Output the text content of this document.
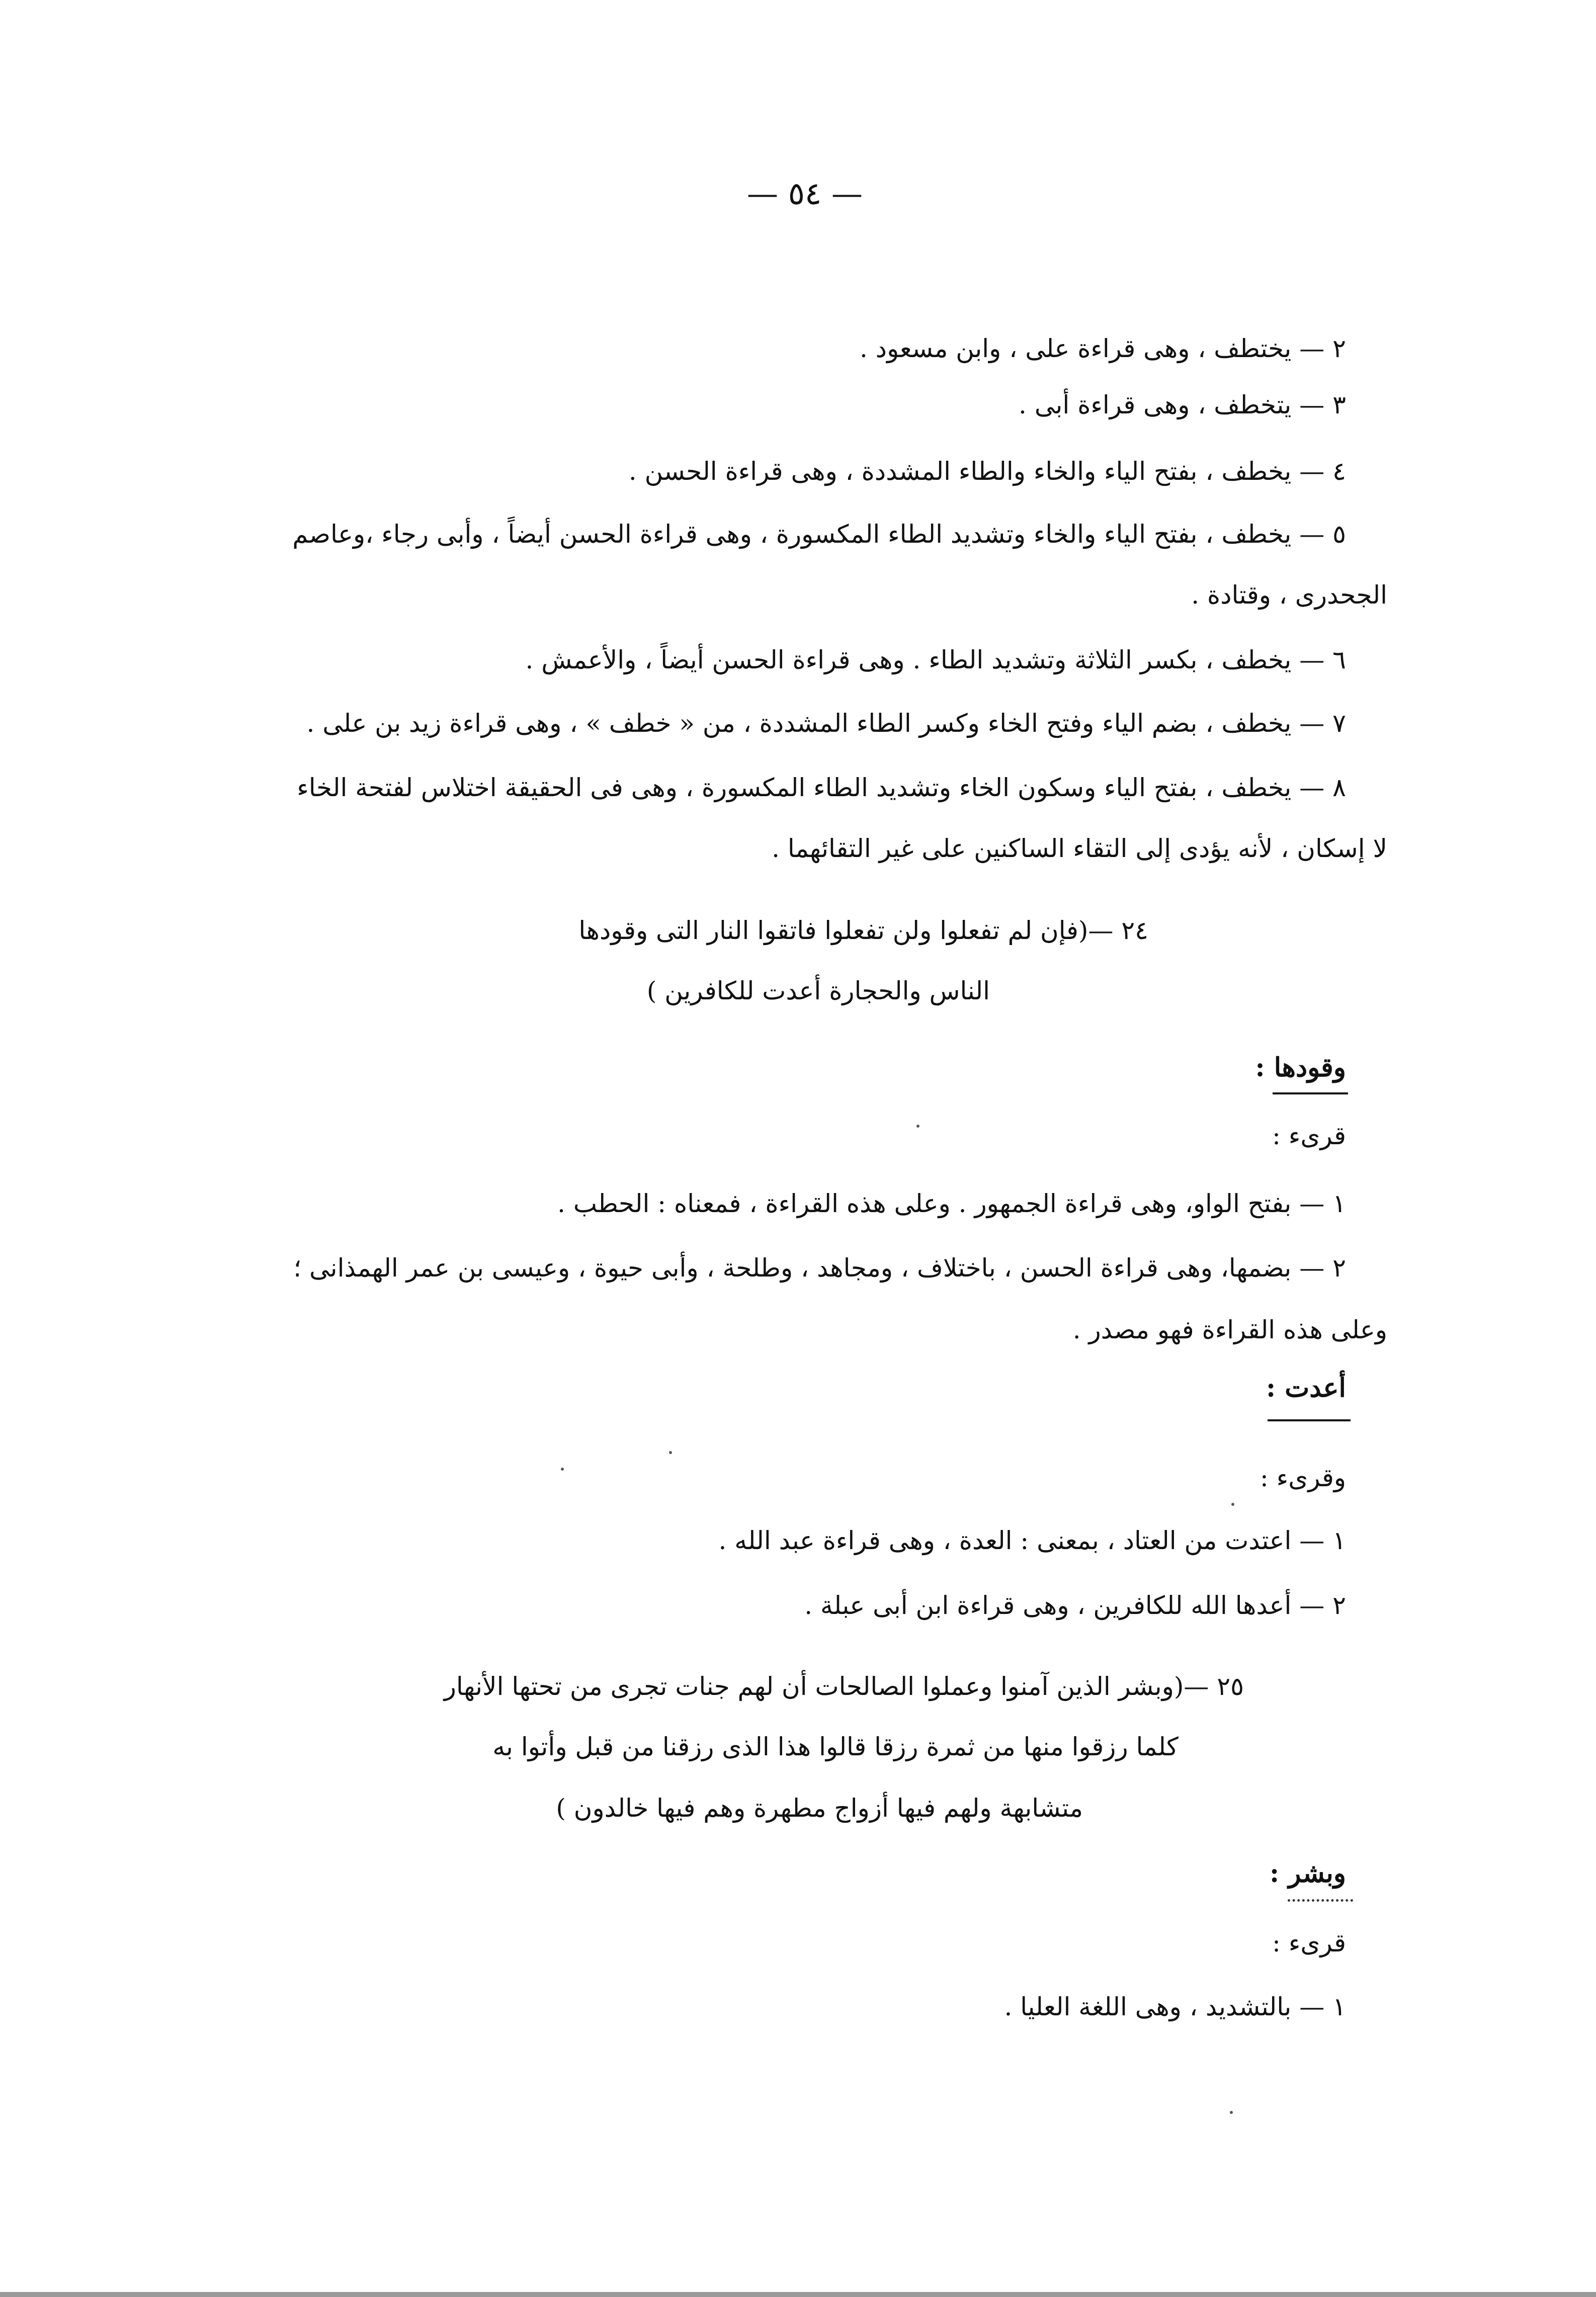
— ٥٤ —
٢ — يختطف ، وهى قراءة على ، وابن مسعود .
٣ — يتخطف ، وهى قراءة أبى .
٤ — يخطف ، بفتح الياء والخاء والطاء المشددة ، وهى قراءة الحسن .
٥ — يخطف ، بفتح الياء والخاء وتشديد الطاء المكسورة ، وهى قراءة الحسن أيضاً ، وأبى رجاء ،وعاصم
الجحدرى ، وقتادة .
٦ — يخطف ، بكسر الثلاثة وتشديد الطاء . وهى قراءة الحسن أيضاً ، والأعمش .
٧ — يخطف ، بضم الياء وفتح الخاء وكسر الطاء المشددة ، من « خطف » ، وهى قراءة زيد بن على .
٨ — يخطف ، بفتح الياء وسكون الخاء وتشديد الطاء المكسورة ، وهى فى الحقيقة اختلاس لفتحة الخاء
لا إسكان ، لأنه يؤدى إلى التقاء الساكنين على غير التقائهما .
٢٤ —(فإن لم تفعلوا ولن تفعلوا فاتقوا النار التى وقودها
الناس والحجارة أعدت للكافرين )
وقودها :
قرىء :
١ — بفتح الواو، وهى قراءة الجمهور . وعلى هذه القراءة ، فمعناه : الحطب .
٢ — بضمها، وهى قراءة الحسن ، باختلاف ، ومجاهد ، وطلحة ، وأبى حيوة ، وعيسى بن عمر الهمذانى ؛
وعلى هذه القراءة فهو مصدر .
أعدت :
وقرىء :
١ — اعتدت من العتاد ، بمعنى : العدة ، وهى قراءة عبد الله .
٢ — أعدها الله للكافرين ، وهى قراءة ابن أبى عبلة .
٢٥ —(وبشر الذين آمنوا وعملوا الصالحات أن لهم جنات تجرى من تحتها الأنهار
كلما رزقوا منها من ثمرة رزقا قالوا هذا الذى رزقنا من قبل وأتوا به
متشابهة ولهم فيها أزواج مطهرة وهم فيها خالدون )
وبشر :
قرىء :
١ — بالتشديد ، وهى اللغة العليا .
